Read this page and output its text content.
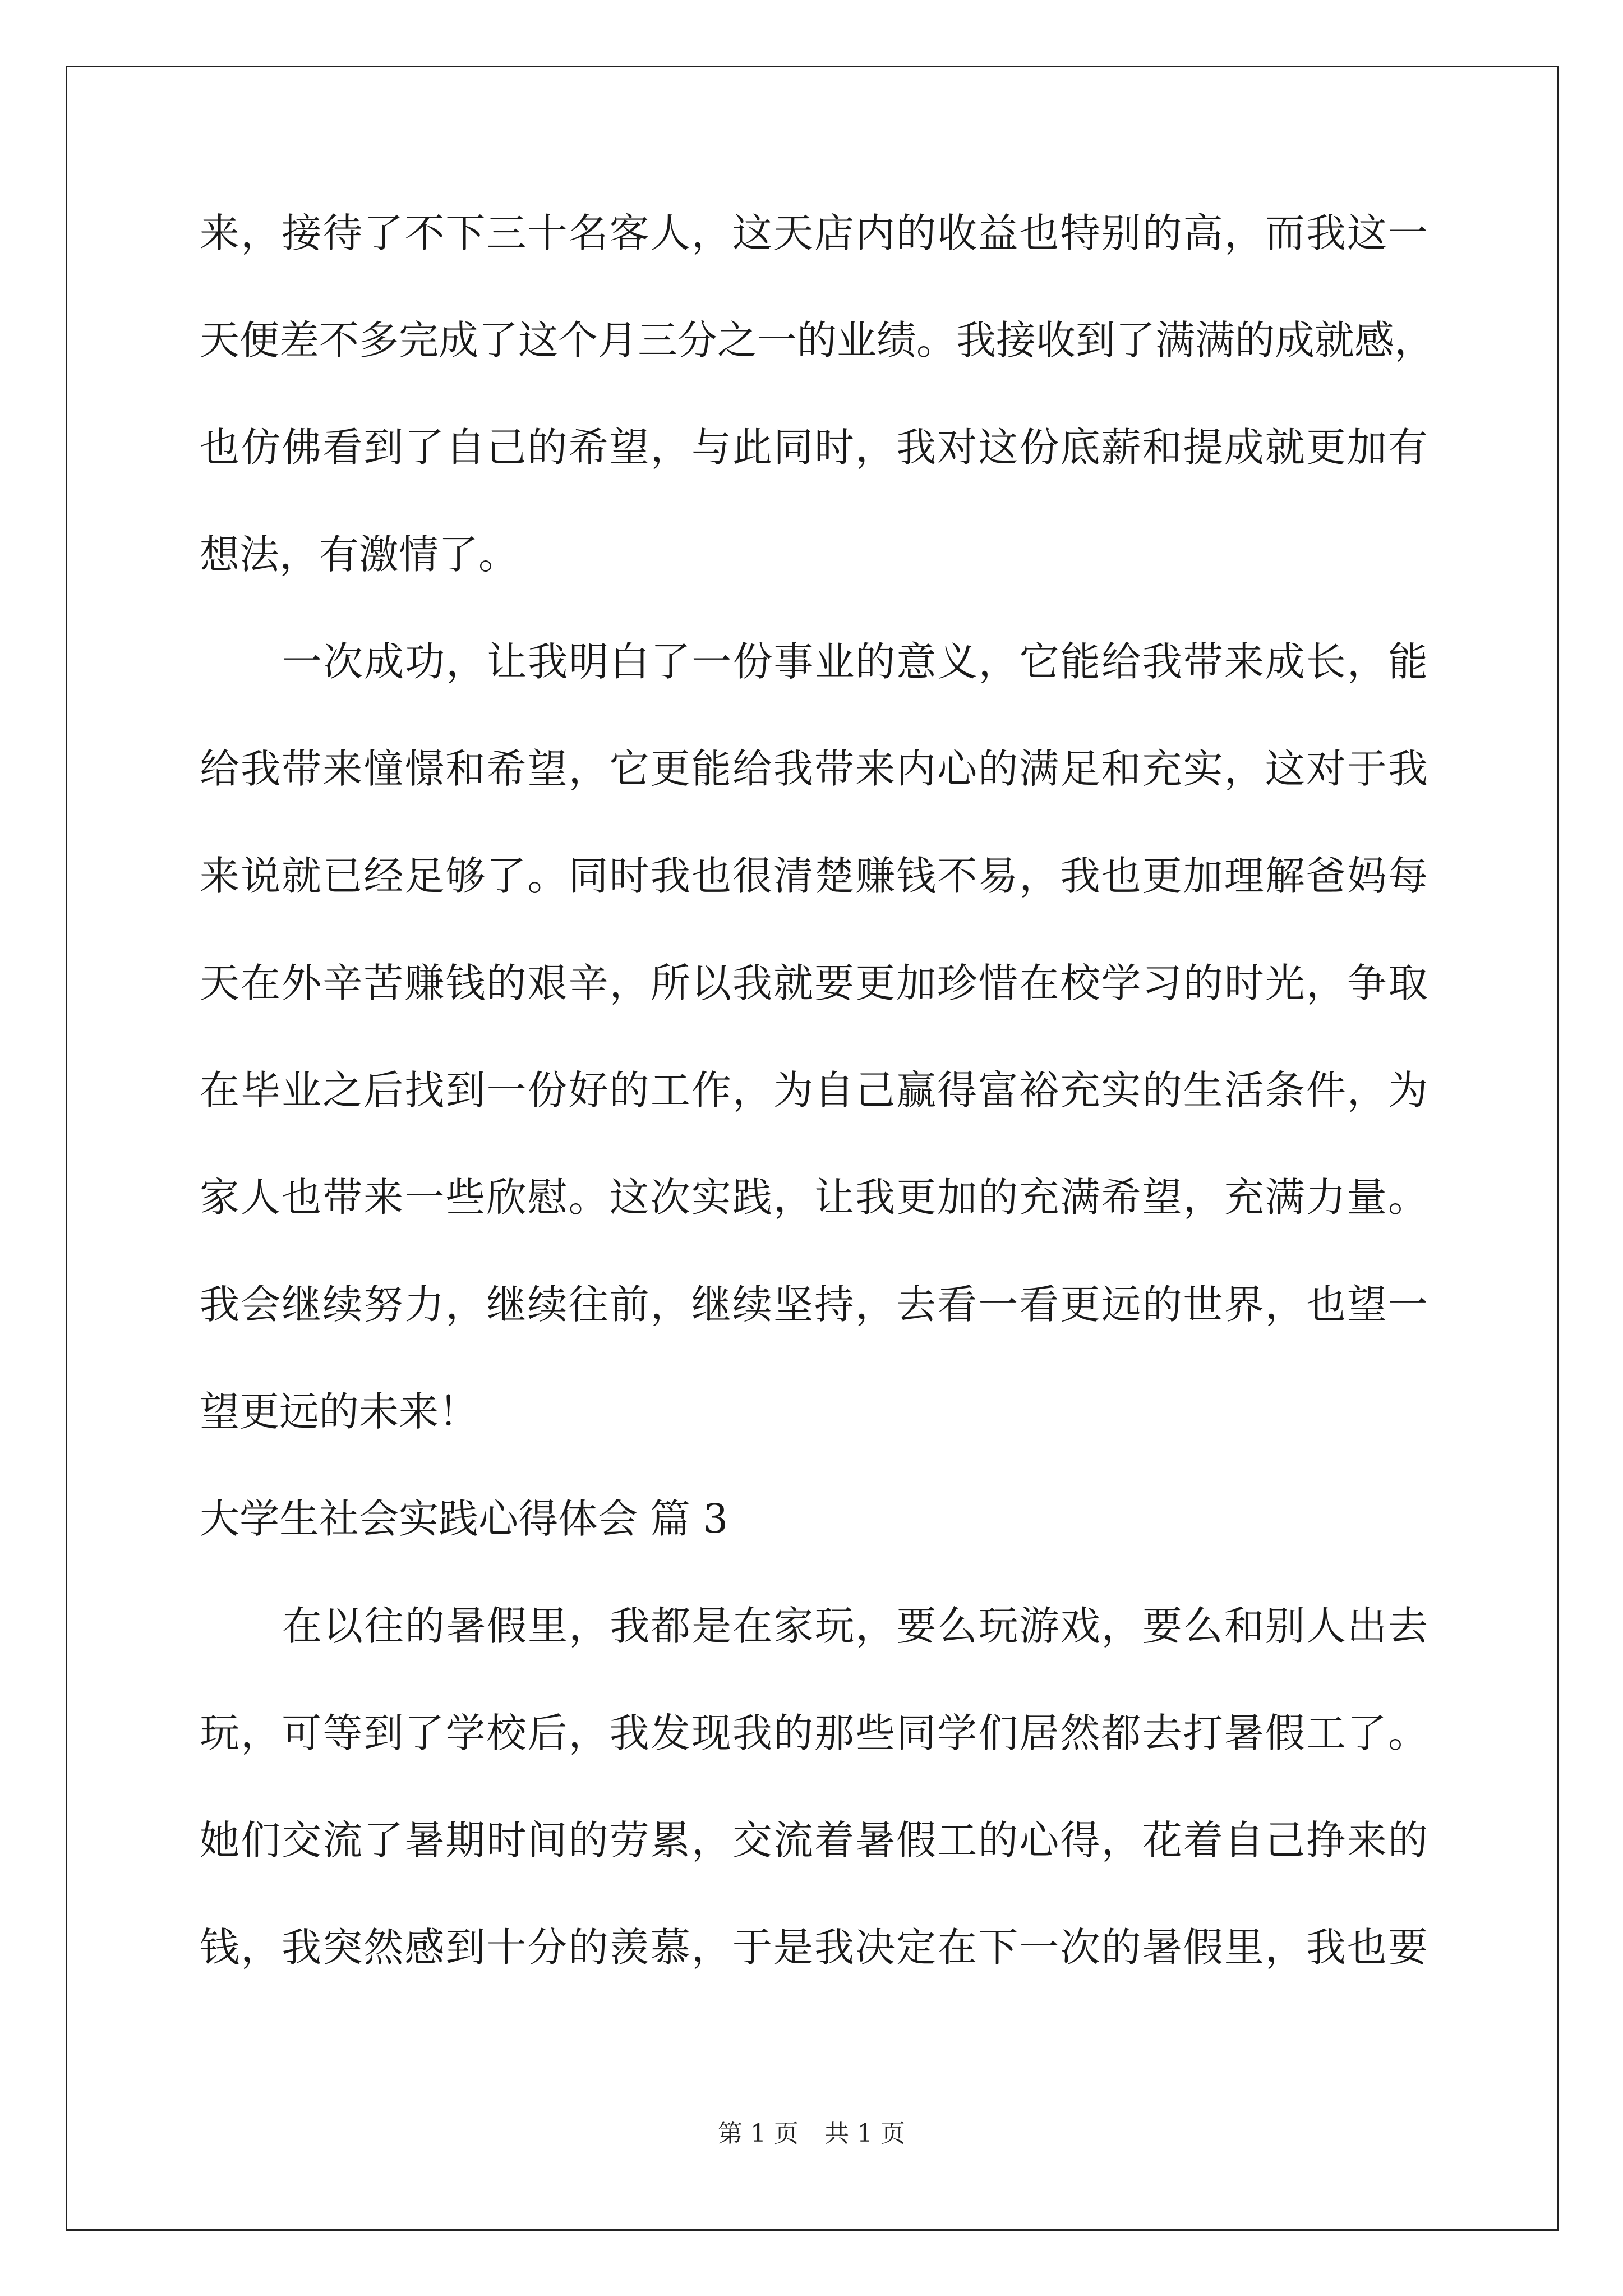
来，接待了不下三十名客人，这天店内的收益也特别的高，而我这一

天便差不多完成了这个月三分之一的业绩。我接收到了满满的成就感，

也仿佛看到了自己的希望，与此同时，我对这份底薪和提成就更加有

想法，有激情了。

一次成功，让我明白了一份事业的意义，它能给我带来成长，能

给我带来憧憬和希望，它更能给我带来内心的满足和充实，这对于我

来说就已经足够了。同时我也很清楚赚钱不易，我也更加理解爸妈每

天在外辛苦赚钱的艰辛，所以我就要更加珍惜在校学习的时光，争取

在毕业之后找到一份好的工作，为自己赢得富裕充实的生活条件，为

家人也带来一些欣慰。这次实践，让我更加的充满希望，充满力量。

我会继续努力，继续往前，继续坚持，去看一看更远的世界，也望一

望更远的未来！

大学生社会实践心得体会 篇 3

在以往的暑假里，我都是在家玩，要么玩游戏，要么和别人出去

玩，可等到了学校后，我发现我的那些同学们居然都去打暑假工了。

她们交流了暑期时间的劳累，交流着暑假工的心得，花着自己挣来的

钱，我突然感到十分的羡慕，于是我决定在下一次的暑假里，我也要

第 1 页 共 1 页
